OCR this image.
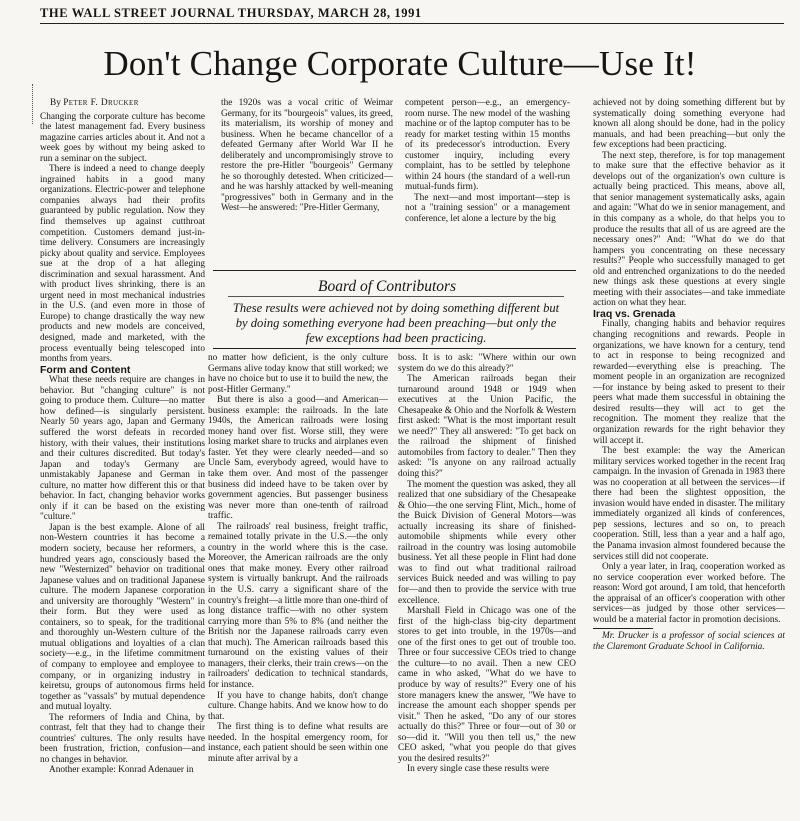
THE WALL STREET JOURNAL THURSDAY, MARCH 28, 1991
Don't Change Corporate Culture—Use It!
By Peter F. Drucker

Changing the corporate culture has become the latest management fad. Every business magazine carries articles about it. And not a week goes by without my being asked to run a seminar on the subject.

There is indeed a need to change deeply ingrained habits in a good many organizations. Electric-power and telephone companies always had their profits guaranteed by public regulation. Now they find themselves up against cutthroat competition. Customers demand just-in-time delivery. Consumers are increasingly picky about quality and service. Employees sue at the drop of a hat alleging discrimination and sexual harassment. And with product lives shrinking, there is an urgent need in most mechanical industries in the U.S. (and even more in those of Europe) to change drastically the way new products and new models are conceived, designed, made and marketed, with the process eventually being telescoped into months from years.

Form and Content

What these needs require are changes in behavior. But "changing culture" is not going to produce them. Culture—no matter how defined—is singularly persistent. Nearly 50 years ago, Japan and Germany suffered the worst defeats in recorded history, with their values, their institutions and their cultures discredited. But today's Japan and today's Germany are unmistakably Japanese and German in culture, no matter how different this or that behavior. In fact, changing behavior works only if it can be based on the existing "culture."

Japan is the best example. Alone of all non-Western countries it has become a modern society, because her reformers, a hundred years ago, consciously based the new "Westernized" behavior on traditional Japanese values and on traditional Japanese culture. The modern Japanese corporation and university are thoroughly "Western" in their form. But they were used as containers, so to speak, for the traditional and thoroughly un-Western culture of the mutual obligations and loyalties of a clan society—e.g., in the lifetime commitment of company to employee and employee to company, or in organizing industry in keiretsu, groups of autonomous firms held together as "vassals" by mutual dependence and mutual loyalty.

The reformers of India and China, by contrast, felt that they had to change their countries' cultures. The only results have been frustration, friction, confusion—and no changes in behavior.

Another example: Konrad Adenauer in

the 1920s was a vocal critic of Weimar Germany, for its "bourgeois" values, its greed, its materialism, its worship of money and business. When he became chancellor of a defeated Germany after World War II he deliberately and uncompromisingly strove to restore the pre-Hitler "bourgeois" Germany he so thoroughly detested. When criticized—and he was harshly attacked by well-meaning "progressives" both in Germany and in the West—he answered: "Pre-Hitler Germany,

competent person—e.g., an emergency-room nurse. The new model of the washing machine or of the laptop computer has to be ready for market testing within 15 months of its predecessor's introduction. Every customer inquiry, including every complaint, has to be settled by telephone within 24 hours (the standard of a well-run mutual-funds firm).

The next—and most important—step is not a "training session" or a management conference, let alone a lecture by the big

Board of Contributors
These results were achieved not by doing something different but by doing something everyone had been preaching—but only the few exceptions had been practicing.

no matter how deficient, is the only culture Germans alive today know that still worked; we have no choice but to use it to build the new, the post-Hitler Germany."

But there is also a good—and American—business example: the railroads. In the late 1940s, the American railroads were losing money hand over fist. Worse still, they were losing market share to trucks and airplanes even faster. Yet they were clearly needed—and so Uncle Sam, everybody agreed, would have to take them over. And most of the passenger business did indeed have to be taken over by government agencies. But passenger business was never more than one-tenth of railroad traffic.

The railroads' real business, freight traffic, remained totally private in the U.S.—the only country in the world where this is the case. Moreover, the American railroads are the only ones that make money. Every other railroad system is virtually bankrupt. And the railroads in the U.S. carry a significant share of the country's freight—a little more than one-third of long distance traffic—with no other system carrying more than 5% to 8% (and neither the British nor the Japanese railroads carry even that much). The American railroads based this turnaround on the existing values of their managers, their clerks, their train crews—on the railroaders' dedication to technical standards, for instance.

If you have to change habits, don't change culture. Change habits. And we know how to do that.

The first thing is to define what results are needed. In the hospital emergency room, for instance, each patient should be seen within one minute after arrival by a

boss. It is to ask: "Where within our own system do we do this already?"

The American railroads began their turnaround around 1948 or 1949 when executives at the Union Pacific, the Chesapeake & Ohio and the Norfolk & Western first asked: "What is the most important result we need?" They all answered: "To get back on the railroad the shipment of finished automobiles from factory to dealer." Then they asked: "Is anyone on any railroad actually doing this?"

The moment the question was asked, they all realized that one subsidiary of the Chesapeake & Ohio—the one serving Flint, Mich., home of the Buick Division of General Motors—was actually increasing its share of finished-automobile shipments while every other railroad in the country was losing automobile business. Yet all these people in Flint had done was to find out what traditional railroad services Buick needed and was willing to pay for—and then to provide the service with true excellence.

Marshall Field in Chicago was one of the first of the high-class big-city department stores to get into trouble, in the 1970s—and one of the first ones to get out of trouble too. Three or four successive CEOs tried to change the culture—to no avail. Then a new CEO came in who asked, "What do we have to produce by way of results?" Every one of his store managers knew the answer, "We have to increase the amount each shopper spends per visit." Then he asked, "Do any of our stores actually do this?" Three or four—out of 30 or so—did it. "Will you then tell us," the new CEO asked, "what you people do that gives you the desired results?"

In every single case these results were

achieved not by doing something different but by systematically doing something everyone had known all along should be done, had in the policy manuals, and had been preaching—but only the few exceptions had been practicing.

The next step, therefore, is for top management to make sure that the effective behavior as it develops out of the organization's own culture is actually being practiced. This means, above all, that senior management systematically asks, again and again: "What do we in senior management, and in this company as a whole, do that helps you to produce the results that all of us are agreed are the necessary ones?" And: "What do we do that hampers you concentrating on these necessary results?" People who successfully managed to get old and entrenched organizations to do the needed new things ask these questions at every single meeting with their associates—and take immediate action on what they hear.

Iraq vs. Grenada

Finally, changing habits and behavior requires changing recognitions and rewards. People in organizations, we have known for a century, tend to act in response to being recognized and rewarded—everything else is preaching. The moment people in an organization are recognized—for instance by being asked to present to their peers what made them successful in obtaining the desired results—they will act to get the recognition. The moment they realize that the organization rewards for the right behavior they will accept it.

The best example: the way the American military services worked together in the recent Iraq campaign. In the invasion of Grenada in 1983 there was no cooperation at all between the services—if there had been the slightest opposition, the invasion would have ended in disaster. The military immediately organized all kinds of conferences, pep sessions, lectures and so on, to preach cooperation. Still, less than a year and a half ago, the Panama invasion almost foundered because the services still did not cooperate.

Only a year later, in Iraq, cooperation worked as no service cooperation ever worked before. The reason: Word got around, I am told, that henceforth the appraisal of an officer's cooperation with other services—as judged by those other services—would be a material factor in promotion decisions.

Mr. Drucker is a professor of social sciences at the Claremont Graduate School in California.
